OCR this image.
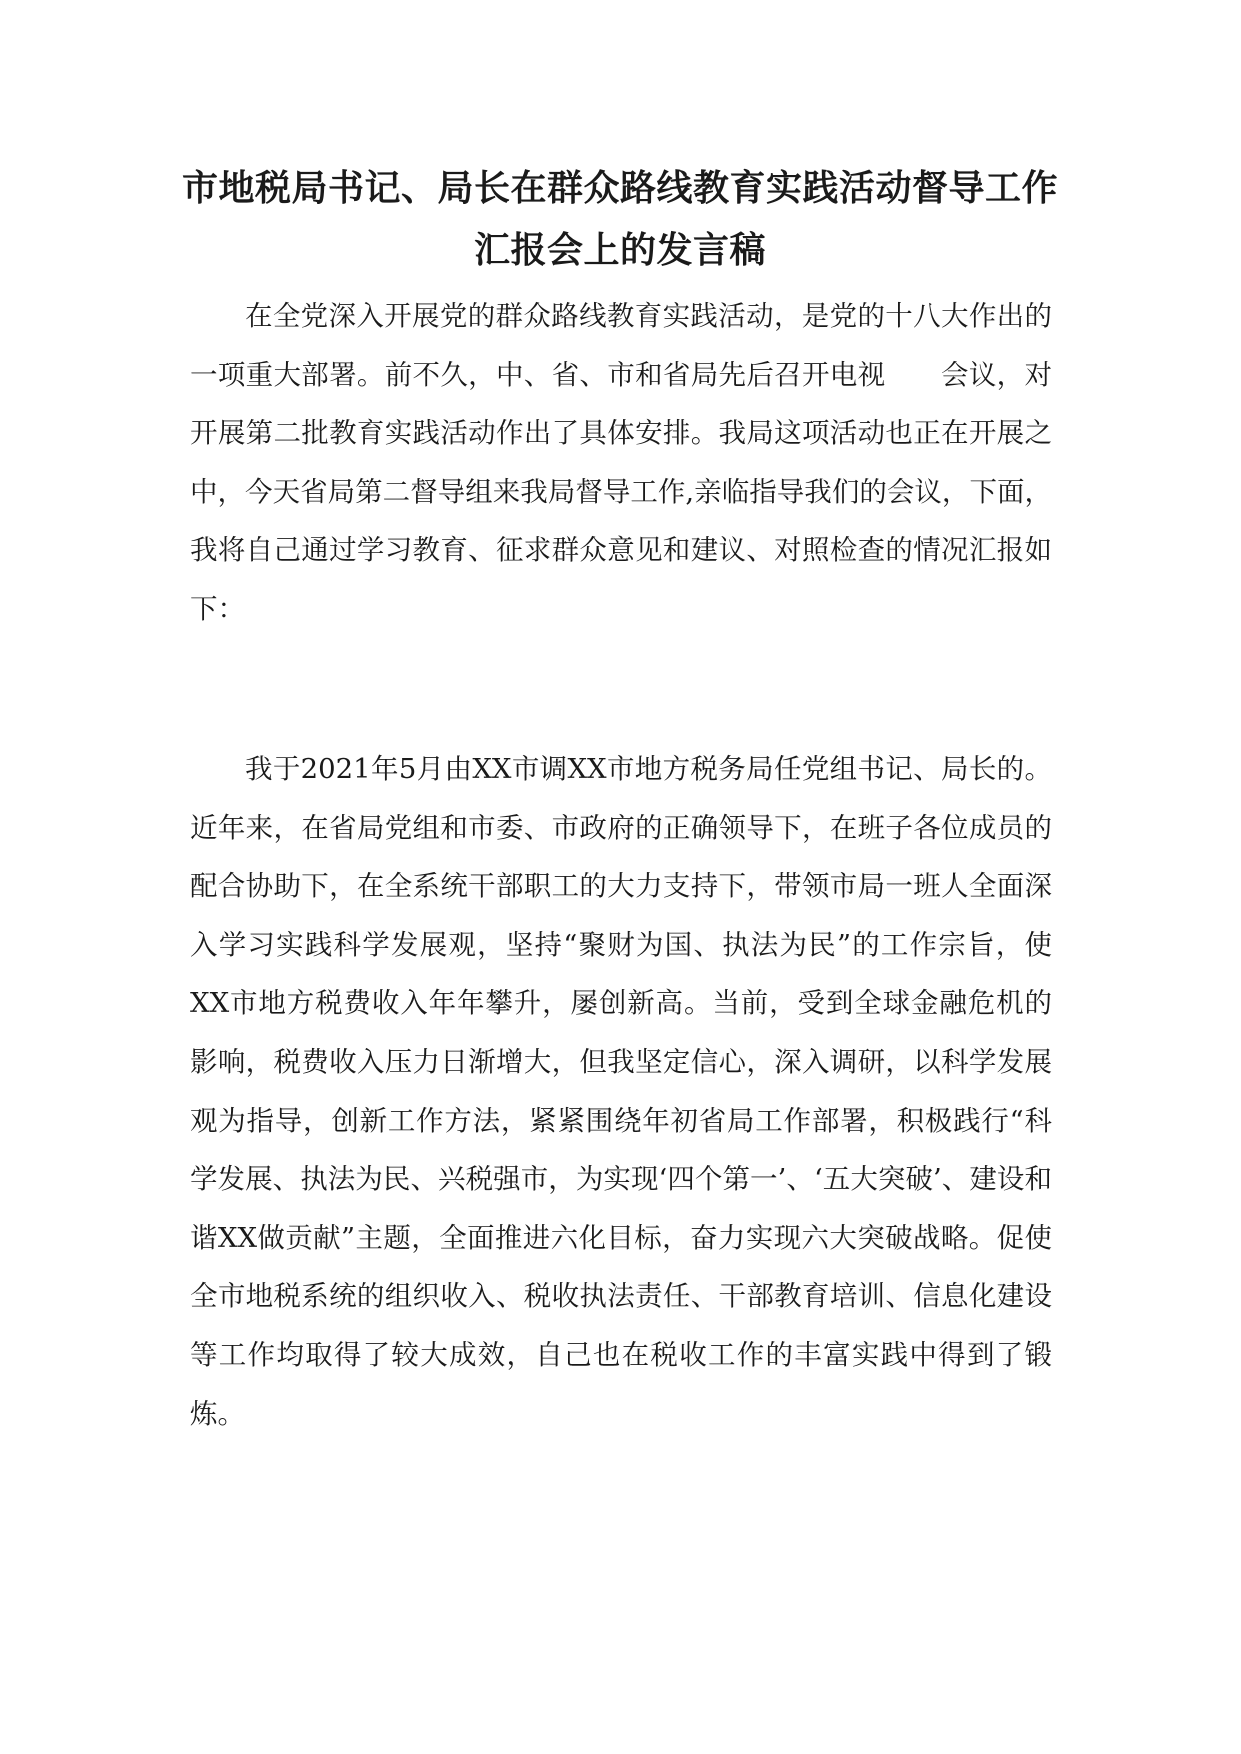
市地税局书记、局长在群众路线教育实践活动督导工作汇报会上的发言稿

在全党深入开展党的群众路线教育实践活动，是党的十八大作出的一项重大部署。前不久，中、省、市和省局先后召开电视　　会议，对开展第二批教育实践活动作出了具体安排。我局这项活动也正在开展之中，今天省局第二督导组来我局督导工作,亲临指导我们的会议，下面，我将自己通过学习教育、征求群众意见和建议、对照检查的情况汇报如下：

我于2021年5月由XX市调XX市地方税务局任党组书记、局长的。近年来，在省局党组和市委、市政府的正确领导下，在班子各位成员的配合协助下，在全系统干部职工的大力支持下，带领市局一班人全面深入学习实践科学发展观，坚持“聚财为国、执法为民”的工作宗旨，使XX市地方税费收入年年攀升，屡创新高。当前，受到全球金融危机的影响，税费收入压力日渐增大，但我坚定信心，深入调研，以科学发展观为指导，创新工作方法，紧紧围绕年初省局工作部署，积极践行“科学发展、执法为民、兴税强市，为实现‘四个第一’、‘五大突破’、建设和谐XX做贡献”主题，全面推进六化目标，奋力实现六大突破战略。促使全市地税系统的组织收入、税收执法责任、干部教育培训、信息化建设等工作均取得了较大成效，自己也在税收工作的丰富实践中得到了锻炼。
